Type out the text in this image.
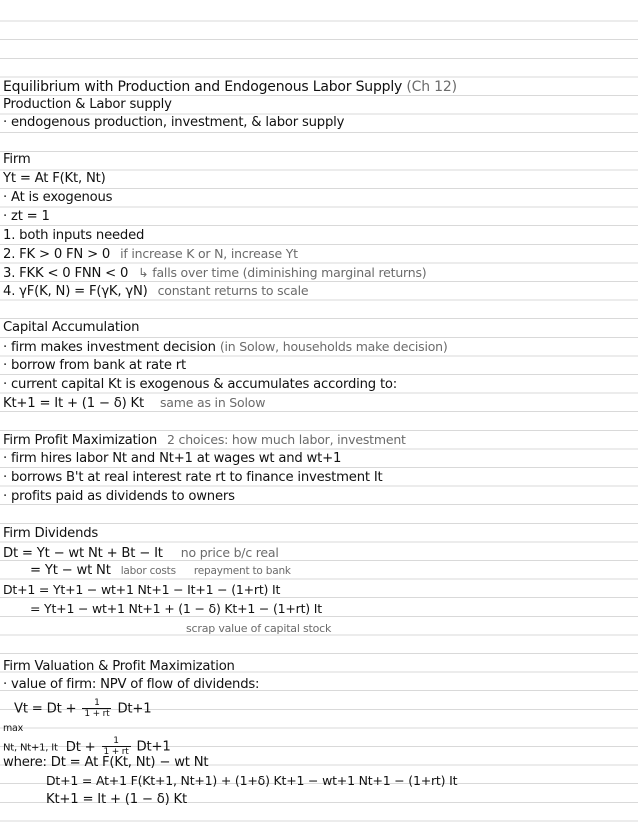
Equilibrium with Production and Endogenous Labor Supply (Ch 12)
Production & Labor supply
· endogenous production, investment, & labor supply
Firm
Yt = At F(Kt, Nt)
· At is exogenous
· zt = 1
1. both inputs needed
2. FK > 0 FN > 0 if increase K or N, increase Yt
3. FKK < 0 FNN < 0 ↳ falls over time (diminishing marginal returns)
4. γF(K, N) = F(γK, γN) constant returns to scale
Capital Accumulation
· firm makes investment decision (in Solow, households make decision)
· borrow from bank at rate rt
· current capital Kt is exogenous & accumulates according to:
Kt+1 = It + (1 − δ) Kt same as in Solow
Firm Profit Maximization 2 choices: how much labor, investment
· firm hires labor Nt and Nt+1 at wages wt and wt+1
· borrows B't at real interest rate rt to finance investment It
· profits paid as dividends to owners
Firm Dividends
Dt = Yt − wt Nt + Bt − It no price b/c real
= Yt − wt Nt labor costs repayment to bank
Dt+1 = Yt+1 − wt+1 Nt+1 − It+1 − (1+rt) It
= Yt+1 − wt+1 Nt+1 + (1 − δ) Kt+1 − (1+rt) It
scrap value of capital stock
Firm Valuation & Profit Maximization
· value of firm: NPV of flow of dividends:
$Vt = Dt + \frac{1}{1 + rt} Dt+1$
max
Nt, Nt+1, It $Dt + \frac{1}{1 + rt} Dt+1$
where: Dt = At F(Kt, Nt) − wt Nt
Dt+1 = At+1 F(Kt+1, Nt+1) + (1+δ) Kt+1 − wt+1 Nt+1 − (1+rt) It
Kt+1 = It + (1 − δ) Kt
